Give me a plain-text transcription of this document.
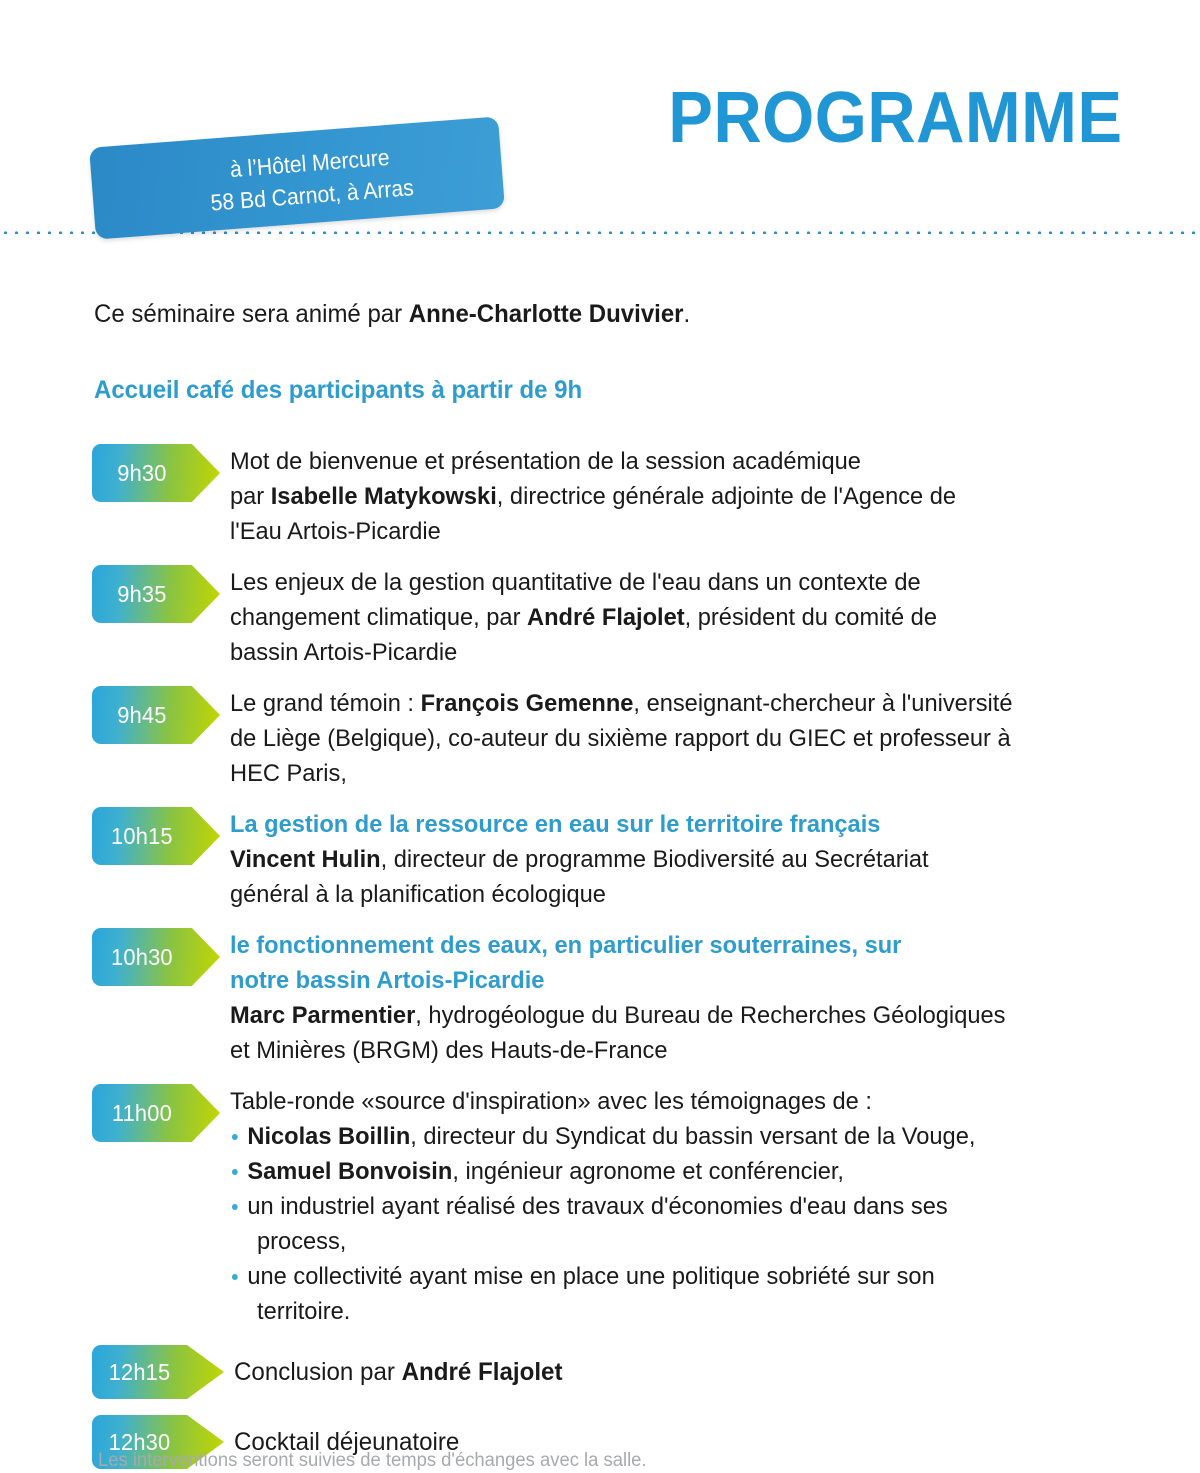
PROGRAMME
à l’Hôtel Mercure
58 Bd Carnot, à Arras
Ce séminaire sera animé par Anne-Charlotte Duvivier.
Accueil café des participants à partir de 9h
9h30	Mot de bienvenue et présentation de la session académique
par Isabelle Matykowski, directrice générale adjointe de l'Agence de
l'Eau Artois-Picardie
9h35	Les enjeux de la gestion quantitative de l'eau dans un contexte de
changement climatique, par André Flajolet, président du comité de
bassin Artois-Picardie
9h45	Le grand témoin : François Gemenne, enseignant-chercheur à l'université
de Liège (Belgique), co-auteur du sixième rapport du GIEC et professeur à
HEC Paris,
10h15	La gestion de la ressource en eau sur le territoire français
Vincent Hulin, directeur de programme Biodiversité au Secrétariat
général à la planification écologique
10h30	le fonctionnement des eaux, en particulier souterraines, sur
notre bassin Artois-Picardie
Marc Parmentier, hydrogéologue du Bureau de Recherches Géologiques
et Minières (BRGM) des Hauts-de-France
11h00	Table-ronde «source d'inspiration» avec les témoignages de :
Nicolas Boillin, directeur du Syndicat du bassin versant de la Vouge,
Samuel Bonvoisin, ingénieur agronome et conférencier,
un industriel ayant réalisé des travaux d'économies d'eau dans ses
process,
une collectivité ayant mise en place une politique sobriété sur son
territoire.
12h15	Conclusion par André Flajolet
12h30	Cocktail déjeunatoire
Les interventions seront suivies de temps d'échanges avec la salle.
